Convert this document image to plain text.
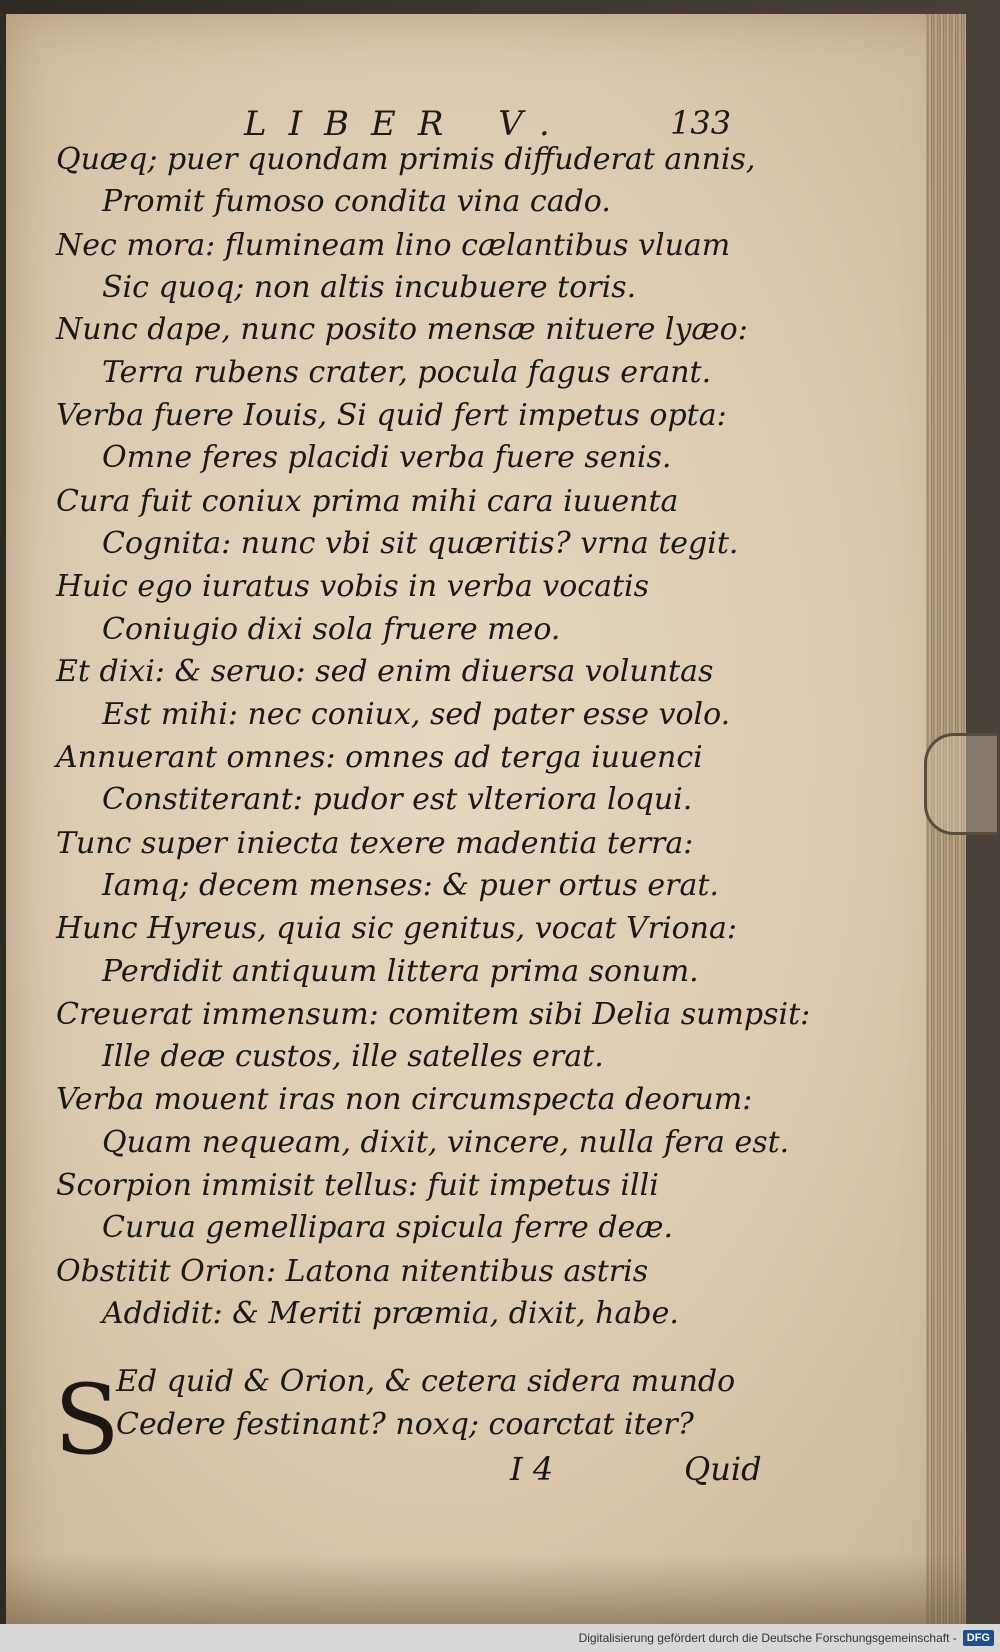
LIBER V.	133
Quæq; puer quondam primis diffuderat annis,
Promit fumoso condita vina cado.
Nec mora: flumineam lino cælantibus vluam
Sic quoq; non altis incubuere toris.
Nunc dape, nunc posito mensæ nituere lyæo:
Terra rubens crater, pocula fagus erant.
Verba fuere Iouis, Si quid fert impetus opta:
Omne feres placidi verba fuere senis.
Cura fuit coniux prima mihi cara iuuenta
Cognita: nunc vbi sit quæritis? vrna tegit.
Huic ego iuratus vobis in verba vocatis
Coniugio dixi sola fruere meo.
Et dixi: & seruo: sed enim diuersa voluntas
Est mihi: nec coniux, sed pater esse volo.
Annuerant omnes: omnes ad terga iuuenci
Constiterant: pudor est vlteriora loqui.
Tunc super iniecta texere madentia terra:
Iamq; decem menses: & puer ortus erat.
Hunc Hyreus, quia sic genitus, vocat Vriona:
Perdidit antiquum littera prima sonum.
Creuerat immensum: comitem sibi Delia sumpsit:
Ille deæ custos, ille satelles erat.
Verba mouent iras non circumspecta deorum:
Quam nequeam, dixit, vincere, nulla fera est.
Scorpion immisit tellus: fuit impetus illi
Curua gemellipara spicula ferre deæ.
Obstitit Orion: Latona nitentibus astris
Addidit: & Meriti præmia, dixit, habe.
S
Ed quid & Orion, & cetera sidera mundo
Cedere festinant? noxq; coarctat iter?
I 4	Quid
Digitalisierung gefördert durch die Deutsche Forschungsgemeinschaft - DFG
